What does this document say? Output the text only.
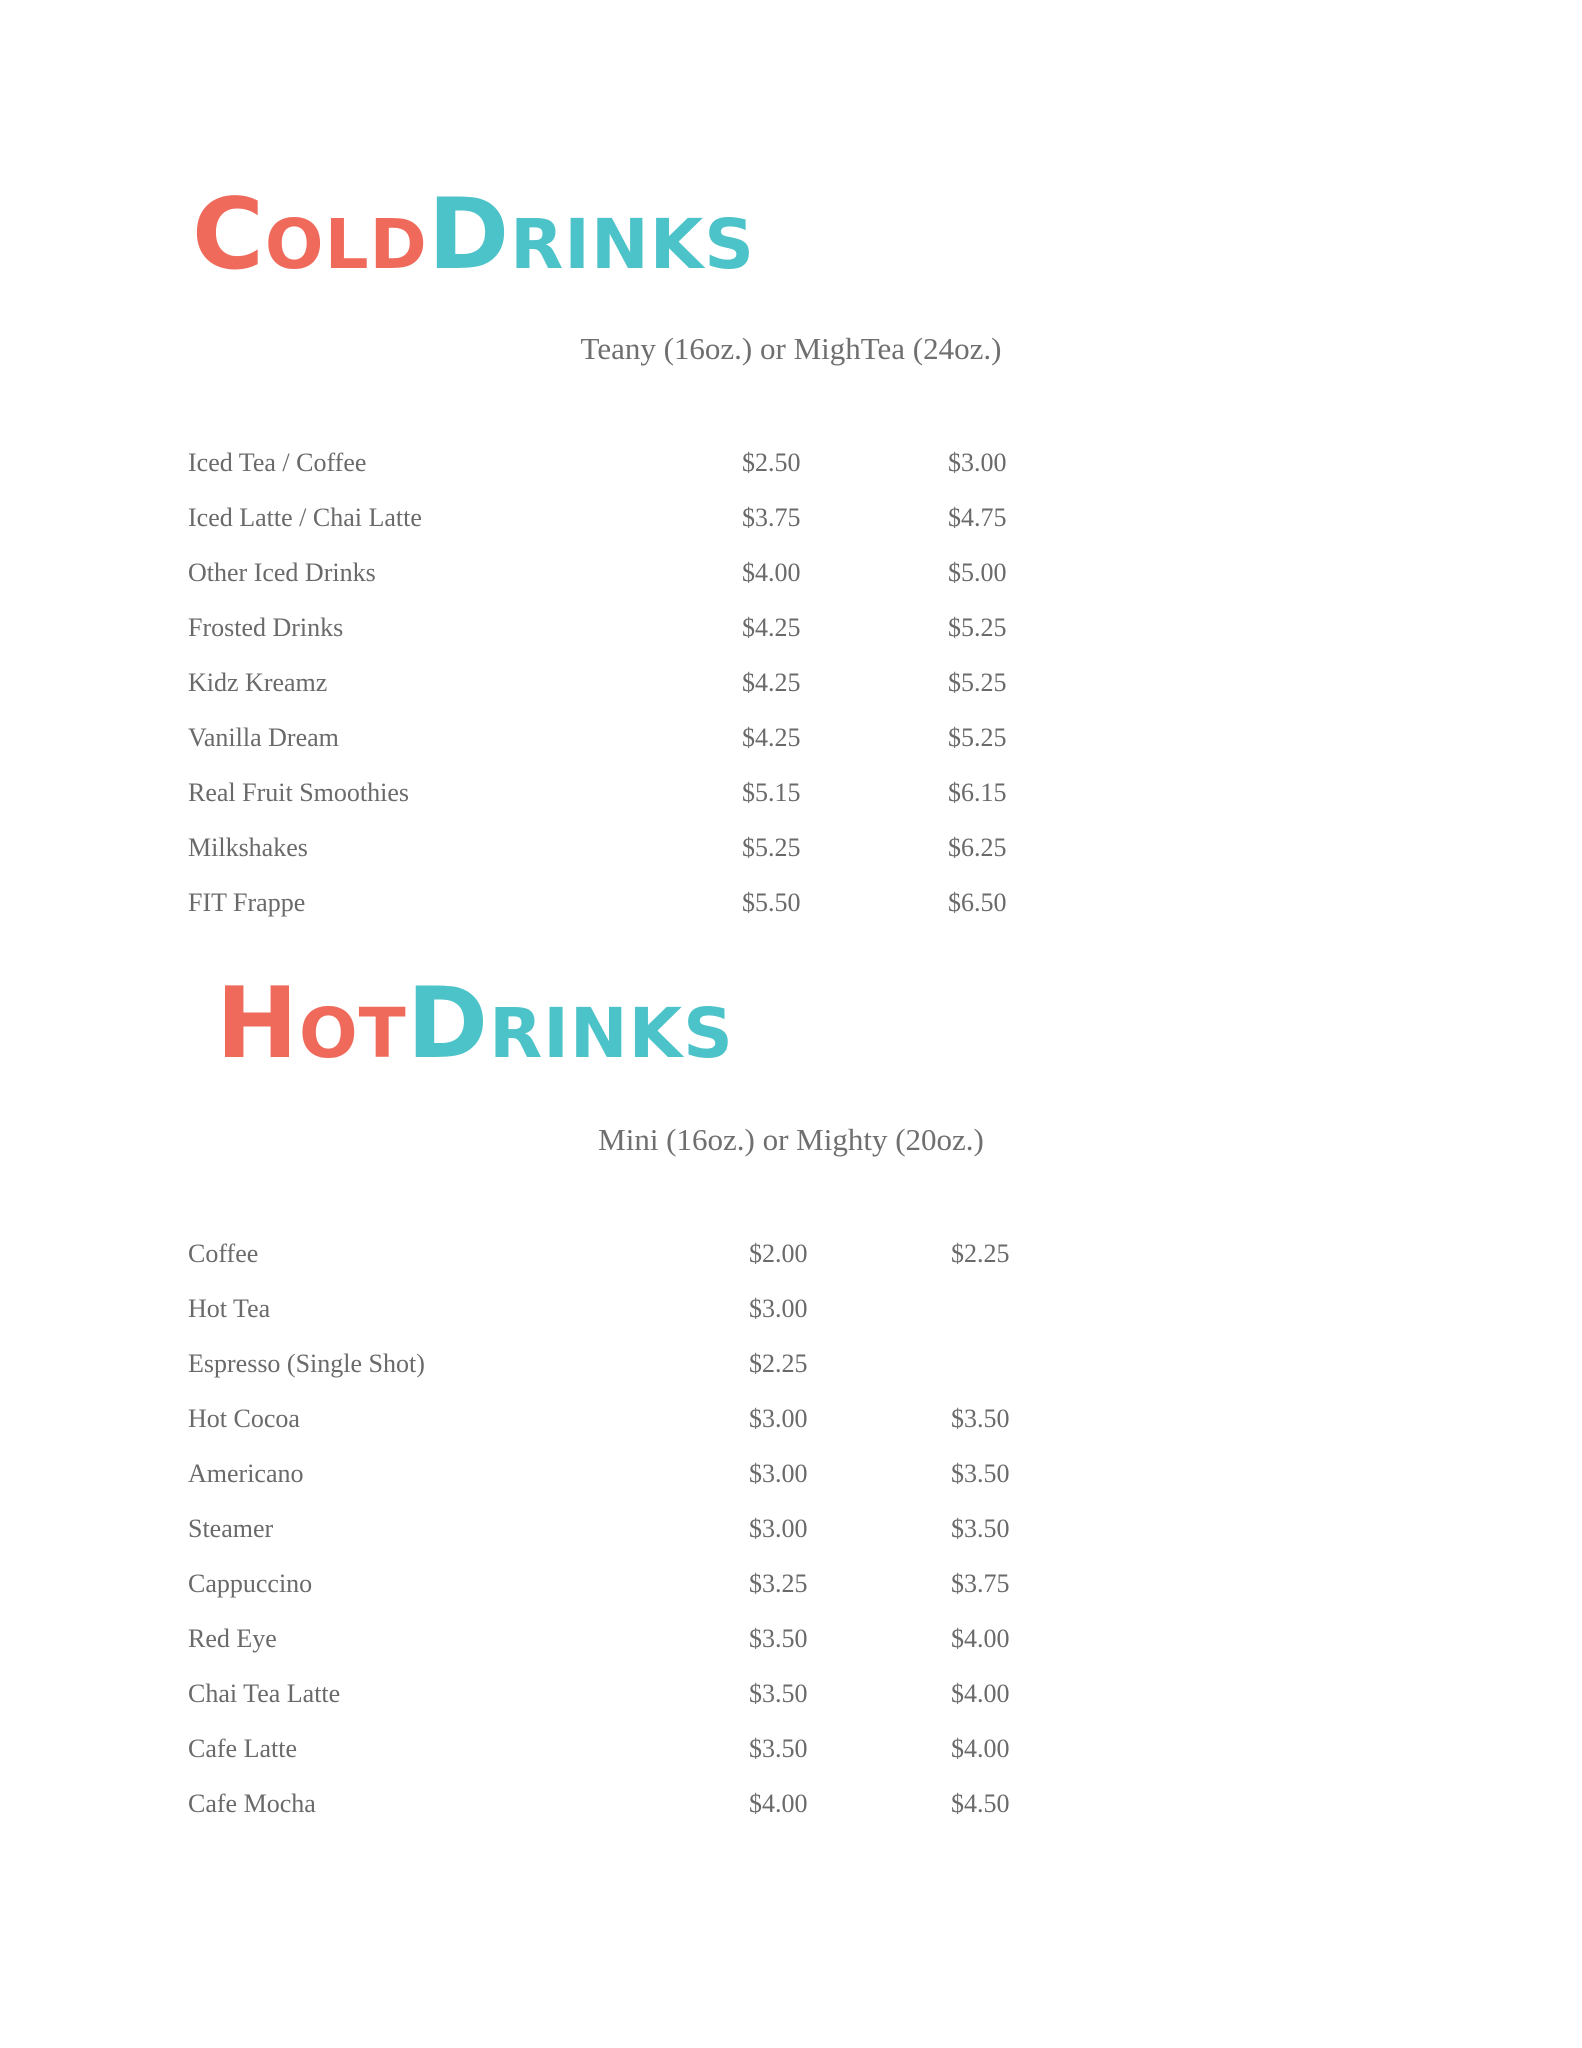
ColdDrinks
Teany (16oz.) or MighTea (24oz.)
Iced Tea / Coffee	$2.50	$3.00
Iced Latte / Chai Latte	$3.75	$4.75
Other Iced Drinks	$4.00	$5.00
Frosted Drinks	$4.25	$5.25
Kidz Kreamz	$4.25	$5.25
Vanilla Dream	$4.25	$5.25
Real Fruit Smoothies	$5.15	$6.15
Milkshakes	$5.25	$6.25
FIT Frappe	$5.50	$6.50
HotDrinks
Mini (16oz.) or Mighty (20oz.)
Coffee	$2.00	$2.25
Hot Tea	$3.00
Espresso (Single Shot)	$2.25
Hot Cocoa	$3.00	$3.50
Americano	$3.00	$3.50
Steamer	$3.00	$3.50
Cappuccino	$3.25	$3.75
Red Eye	$3.50	$4.00
Chai Tea Latte	$3.50	$4.00
Cafe Latte	$3.50	$4.00
Cafe Mocha	$4.00	$4.50
